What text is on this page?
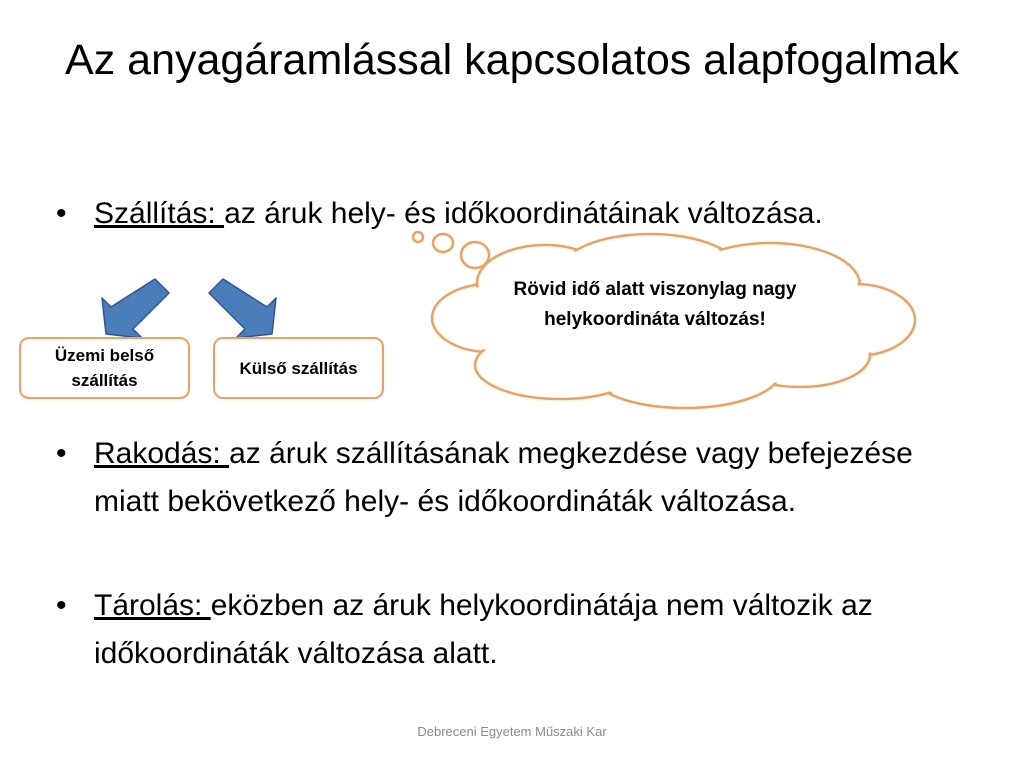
Az anyagáramlással kapcsolatos alapfogalmak
• Szállítás: az áruk hely- és időkoordinátáinak változása.
Üzemi belső szállítás
Külső szállítás
Rövid idő alatt viszonylag nagy helykoordináta változás!
• Rakodás: az áruk szállításának megkezdése vagy befejezése miatt bekövetkező hely- és időkoordináták változása.
• Tárolás: eközben az áruk helykoordinátája nem változik az időkoordináták változása alatt.
Debreceni Egyetem Műszaki Kar
